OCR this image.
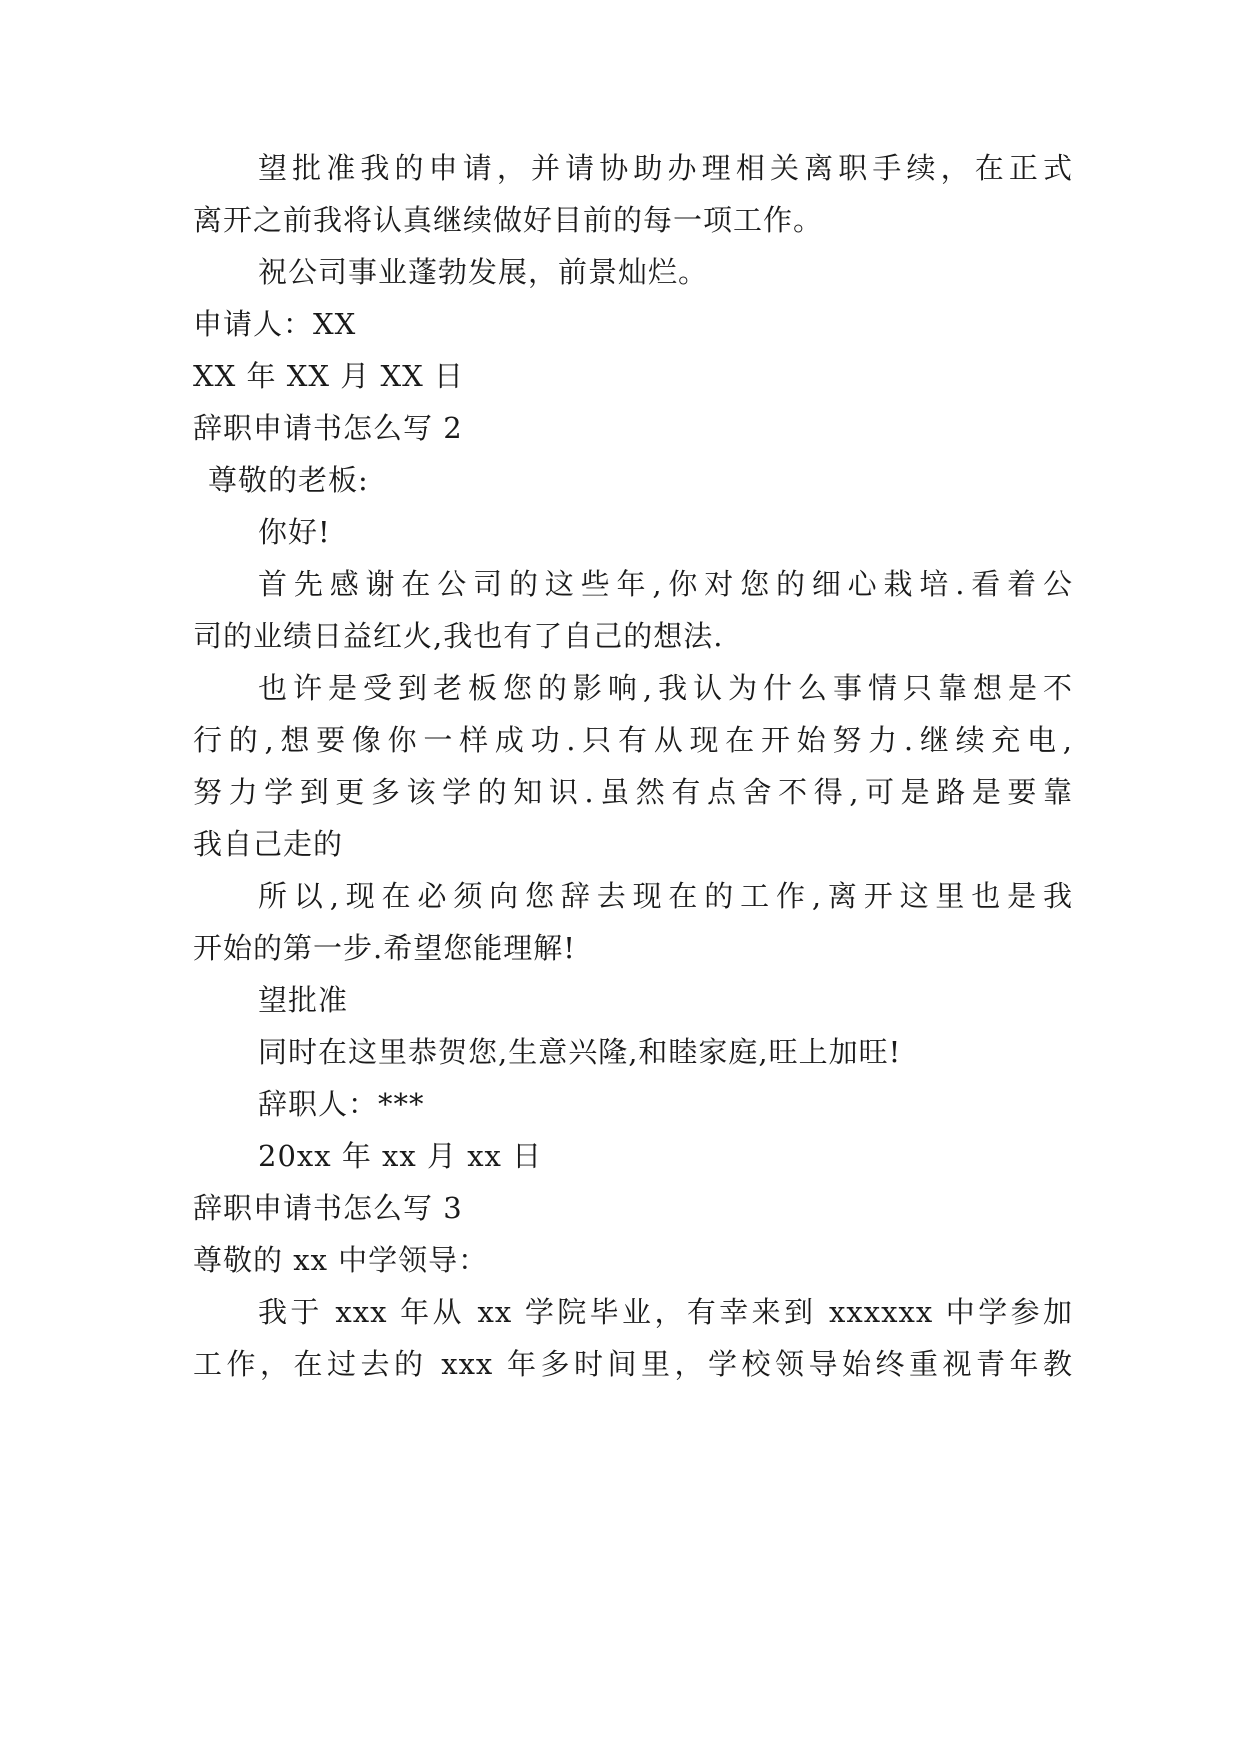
望批准我的申请，并请协助办理相关离职手续，在正式
离开之前我将认真继续做好目前的每一项工作。
祝公司事业蓬勃发展，前景灿烂。
申请人：XX
XX 年 XX 月 XX 日
辞职申请书怎么写 2
尊敬的老板:
你好!
首先感谢在公司的这些年,你对您的细心栽培.看着公
司的业绩日益红火,我也有了自己的想法.
也许是受到老板您的影响,我认为什么事情只靠想是不
行的,想要像你一样成功.只有从现在开始努力.继续充电,
努力学到更多该学的知识.虽然有点舍不得,可是路是要靠
我自己走的
所以,现在必须向您辞去现在的工作,离开这里也是我
开始的第一步.希望您能理解!
望批准
同时在这里恭贺您,生意兴隆,和睦家庭,旺上加旺!
辞职人：***
20xx 年 xx 月 xx 日
辞职申请书怎么写 3
尊敬的 xx 中学领导：
我于 xxx 年从 xx 学院毕业，有幸来到 xxxxxx 中学参加
工作，在过去的 xxx 年多时间里，学校领导始终重视青年教
